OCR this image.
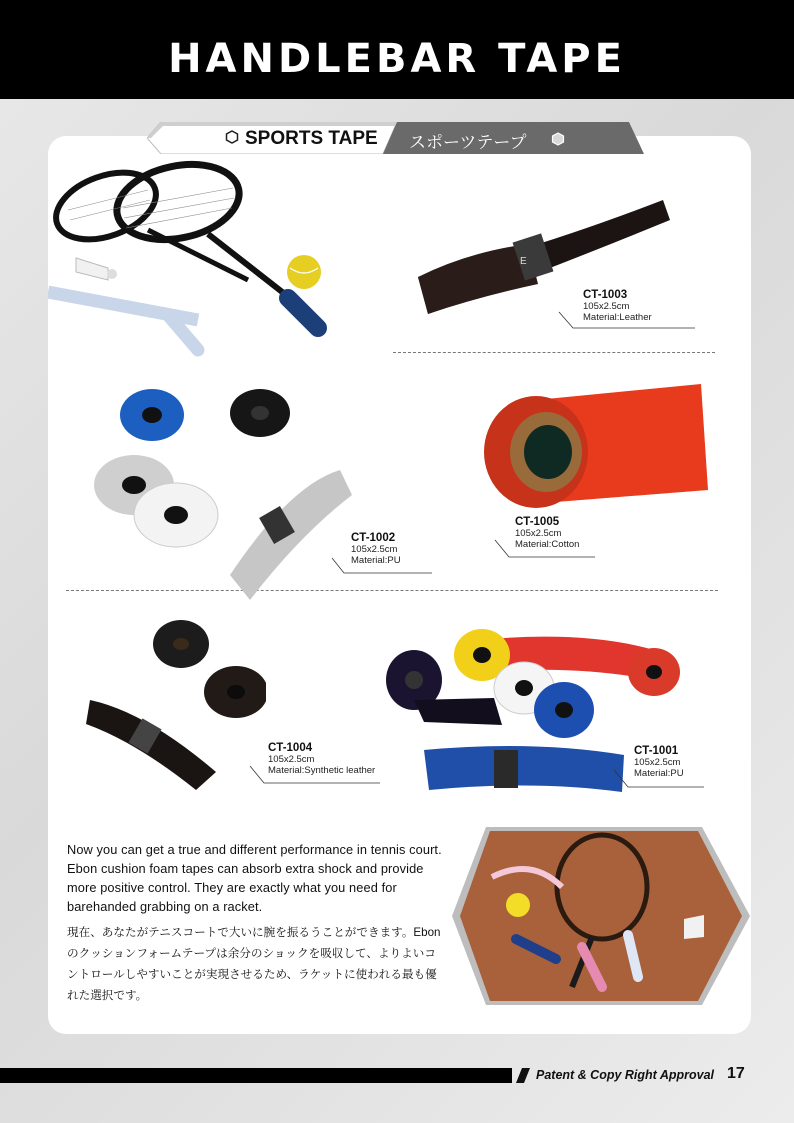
HANDLEBAR TAPE
SPORTS TAPE スポーツテープ
E
CT-1003
105x2.5cm
Material:Leather
CT-1002
105x2.5cm
Material:PU
CT-1005
105x2.5cm
Material:Cotton
CT-1004
105x2.5cm
Material:Synthetic leather
CT-1001
105x2.5cm
Material:PU

Now you can get a true and different performance in tennis court. Ebon cushion foam tapes can absorb extra shock and provide more positive control. They are exactly what you need for barehanded grabbing on a racket.

現在、あなたがテニスコートで大いに腕を振るうことができます。Ebonのクッションフォームテープは余分のショックを吸収して、よりよいコントロールしやすいことが実現させるため、ラケットに使われる最も優れた選択です。

Patent & Copy Right Approval 17
